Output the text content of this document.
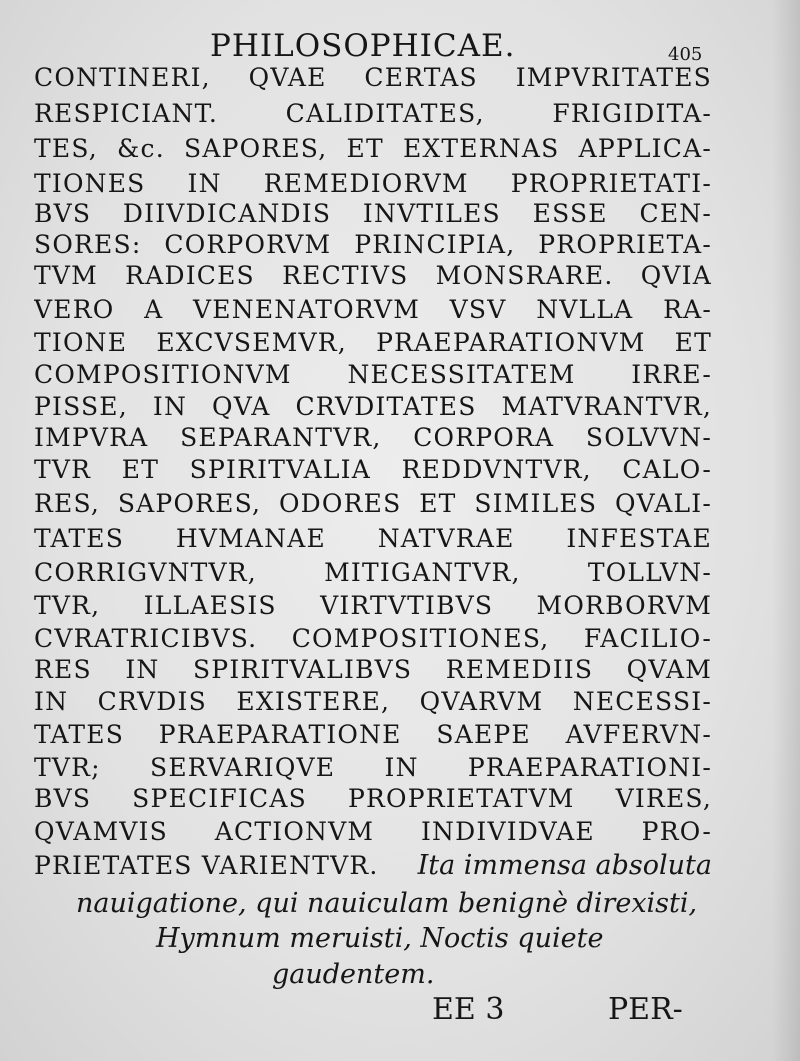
PHILOSOPHICAE.	405
CONTINERI, QVAE CERTAS IMPVRITATES
RESPICIANT. CALIDITATES, FRIGIDITA-
TES, &c. SAPORES, ET EXTERNAS APPLICA-
TIONES IN REMEDIORVM PROPRIETATI-
BVS DIIVDICANDIS INVTILES ESSE CEN-
SORES: CORPORVM PRINCIPIA, PROPRIETA-
TVM RADICES RECTIVS MONSRARE. QVIA
VERO A VENENATORVM VSV NVLLA RA-
TIONE EXCVSEMVR, PRAEPARATIONVM ET
COMPOSITIONVM NECESSITATEM IRRE-
PISSE, IN QVA CRVDITATES MATVRANTVR,
IMPVRA SEPARANTVR, CORPORA SOLVVN-
TVR ET SPIRITVALIA REDDVNTVR, CALO-
RES, SAPORES, ODORES ET SIMILES QVALI-
TATES HVMANAE NATVRAE INFESTAE
CORRIGVNTVR, MITIGANTVR, TOLLVN-
TVR, ILLAESIS VIRTVTIBVS MORBORVM
CVRATRICIBVS. COMPOSITIONES, FACILIO-
RES IN SPIRITVALIBVS REMEDIIS QVAM
IN CRVDIS EXISTERE, QVARVM NECESSI-
TATES PRAEPARATIONE SAEPE AVFERVN-
TVR; SERVARIQVE IN PRAEPARATIONI-
BVS SPECIFICAS PROPRIETATVM VIRES,
QVAMVIS ACTIONVM INDIVIDVAE PRO-
PRIETATES VARIENTVR. Ita immensa absoluta
nauigatione, qui nauiculam benignè direxisti,
Hymnum meruisti, Noctis quiete
gaudentem.
EE 3	PER-
